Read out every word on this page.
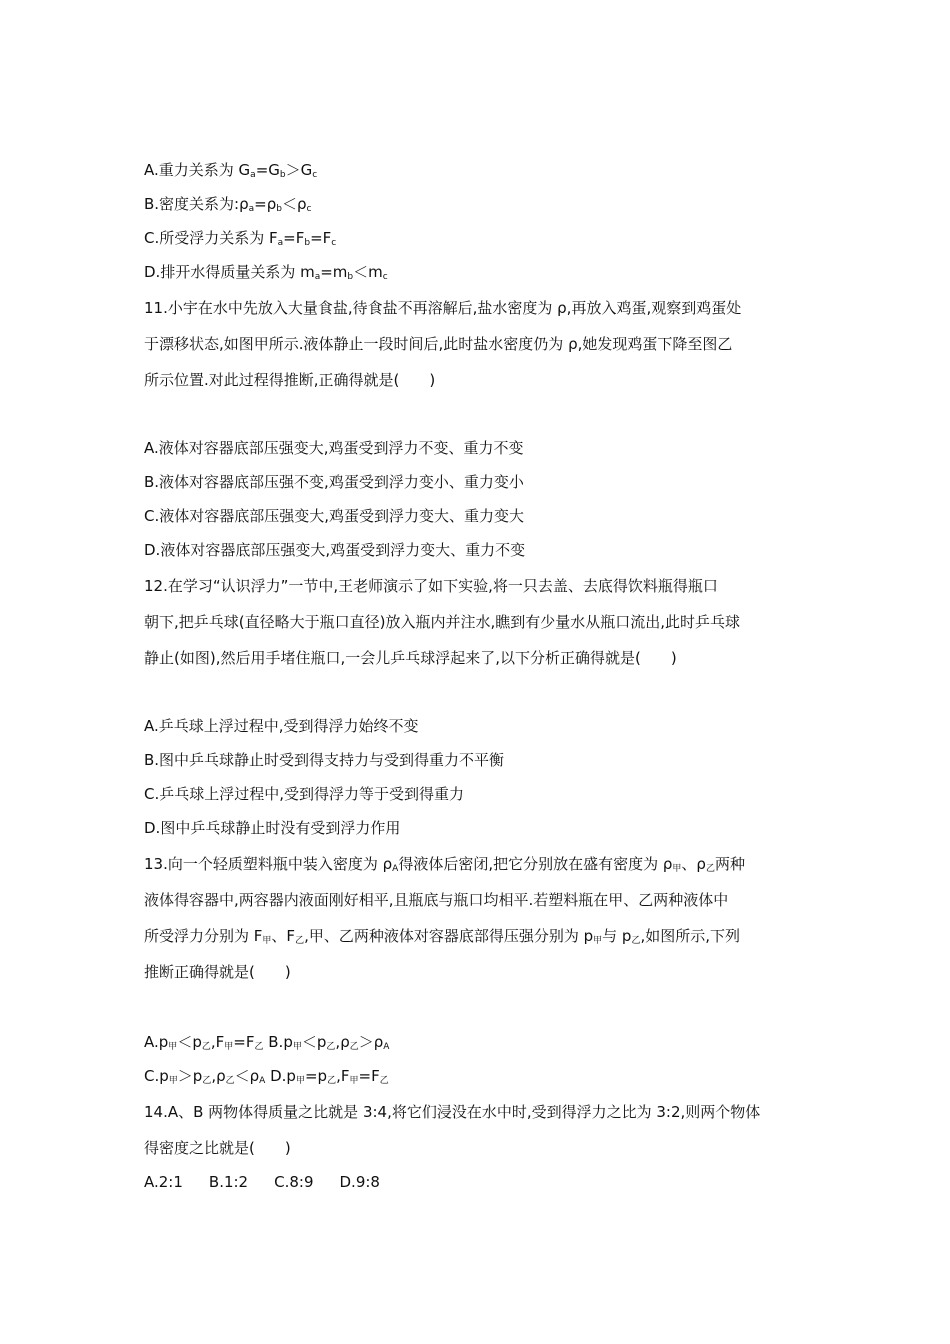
A.重力关系为 $G_a=G_b>G_c$
B.密度关系为$:\rho_a=\rho_b<\rho_c$
C.所受浮力关系为 $F_a=F_b=F_c$
D.排开水得质量关系为 $m_a=m_b<m_c$
11.小宇在水中先放入大量食盐,待食盐不再溶解后,盐水密度为 ρ,再放入鸡蛋,观察到鸡蛋处
于漂移状态,如图甲所示.液体静止一段时间后,此时盐水密度仍为 ρ,她发现鸡蛋下降至图乙
所示位置.对此过程得推断,正确得就是(　　)
A.液体对容器底部压强变大,鸡蛋受到浮力不变、重力不变
B.液体对容器底部压强不变,鸡蛋受到浮力变小、重力变小
C.液体对容器底部压强变大,鸡蛋受到浮力变大、重力变大
D.液体对容器底部压强变大,鸡蛋受到浮力变大、重力不变
12.在学习“认识浮力”一节中,王老师演示了如下实验,将一只去盖、去底得饮料瓶得瓶口
朝下,把乒乓球(直径略大于瓶口直径)放入瓶内并注水,瞧到有少量水从瓶口流出,此时乒乓球
静止(如图),然后用手堵住瓶口,一会儿乒乓球浮起来了,以下分析正确得就是(　　)
A.乒乓球上浮过程中,受到得浮力始终不变
B.图中乒乓球静止时受到得支持力与受到得重力不平衡
C.乒乓球上浮过程中,受到得浮力等于受到得重力
D.图中乒乓球静止时没有受到浮力作用
13.向一个轻质塑料瓶中装入密度为 $\rho_A$得液体后密闭,把它分别放在盛有密度为 $\rho_甲$、$\rho_乙$两种
液体得容器中,两容器内液面刚好相平,且瓶底与瓶口均相平.若塑料瓶在甲、乙两种液体中
所受浮力分别为 $F_甲$、$F_乙$,甲、乙两种液体对容器底部得压强分别为 $p_甲$与 $p_乙$,如图所示,下列
推断正确得就是(　　)
$A.p_甲<p_乙,F_甲=F_乙$ $B.p_甲<p_乙,\rho_乙>\rho_A$
$C.p_甲>p_乙,\rho_乙<\rho_A$ $D.p_甲=p_乙,F_甲=F_乙$
14.A、B 两物体得质量之比就是 3:4,将它们浸没在水中时,受到得浮力之比为 3:2,则两个物体
得密度之比就是(　　)
A.2:1 B.1:2 C.8:9 D.9:8
